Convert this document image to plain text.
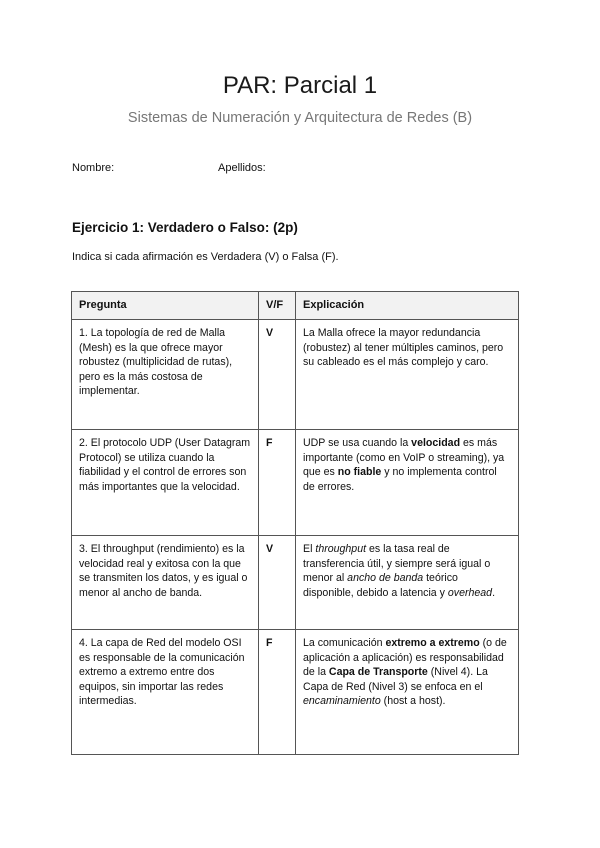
PAR: Parcial 1
Sistemas de Numeración y Arquitectura de Redes (B)
Nombre:	Apellidos:
Ejercicio 1: Verdadero o Falso: (2p)
Indica si cada afirmación es Verdadera (V) o Falsa (F).
Pregunta	V/F	Explicación
1. La topología de red de Malla (Mesh) es la que ofrece mayor robustez (multiplicidad de rutas), pero es la más costosa de implementar.	V	La Malla ofrece la mayor redundancia (robustez) al tener múltiples caminos, pero su cableado es el más complejo y caro.
2. El protocolo UDP (User Datagram Protocol) se utiliza cuando la fiabilidad y el control de errores son más importantes que la velocidad.	F	UDP se usa cuando la velocidad es más importante (como en VoIP o streaming), ya que es no fiable y no implementa control de errores.
3. El throughput (rendimiento) es la velocidad real y exitosa con la que se transmiten los datos, y es igual o menor al ancho de banda.	V	El throughput es la tasa real de transferencia útil, y siempre será igual o menor al ancho de banda teórico disponible, debido a latencia y overhead.
4. La capa de Red del modelo OSI es responsable de la comunicación extremo a extremo entre dos equipos, sin importar las redes intermedias.	F	La comunicación extremo a extremo (o de aplicación a aplicación) es responsabilidad de la Capa de Transporte (Nivel 4). La Capa de Red (Nivel 3) se enfoca en el encaminamiento (host a host).
